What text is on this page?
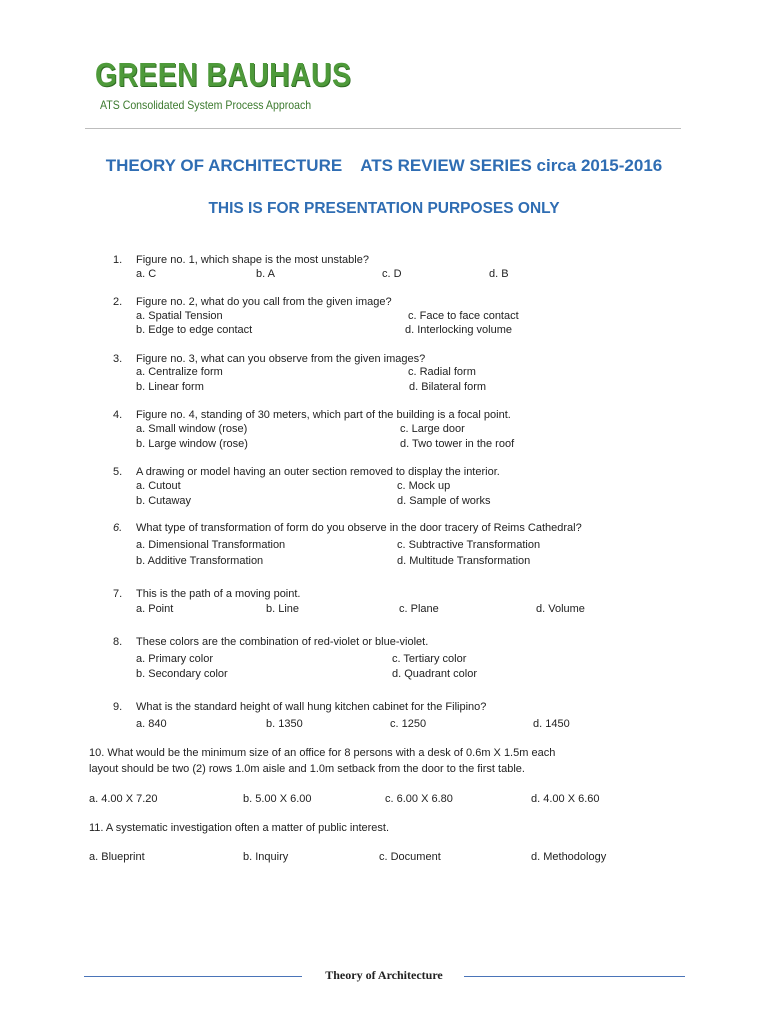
GREEN BAUHAUS
ATS Consolidated System Process Approach
THEORY OF ARCHITECTURE ATS REVIEW SERIES circa 2015-2016
THIS IS FOR PRESENTATION PURPOSES ONLY
1. Figure no. 1, which shape is the most unstable?
a. C	b. A	c. D	d. B
2. Figure no. 2, what do you call from the given image?
a. Spatial Tension
b. Edge to edge contact
c. Face to face contact
d. Interlocking volume
3. Figure no. 3, what can you observe from the given images?
a. Centralize form
b. Linear form
c. Radial form
d. Bilateral form
4. Figure no. 4, standing of 30 meters, which part of the building is a focal point.
a. Small window (rose)
b. Large window (rose)
c. Large door
d. Two tower in the roof
5. A drawing or model having an outer section removed to display the interior.
a. Cutout
b. Cutaway
c. Mock up
d. Sample of works
6. What type of transformation of form do you observe in the door tracery of Reims Cathedral?
a. Dimensional Transformation
b. Additive Transformation
c. Subtractive Transformation
d. Multitude Transformation
7. This is the path of a moving point.
a. Point	b. Line	c. Plane	d. Volume
8. These colors are the combination of red-violet or blue-violet.
a. Primary color
b. Secondary color
c. Tertiary color
d. Quadrant color
9. What is the standard height of wall hung kitchen cabinet for the Filipino?
a. 840	b. 1350	c. 1250	d. 1450
10. What would be the minimum size of an office for 8 persons with a desk of 0.6m X 1.5m each
layout should be two (2) rows 1.0m aisle and 1.0m setback from the door to the first table.
a. 4.00 X 7.20	b. 5.00 X 6.00	c. 6.00 X 6.80	d. 4.00 X 6.60
11. A systematic investigation often a matter of public interest.
a. Blueprint	b. Inquiry	c. Document	d. Methodology
Theory of Architecture
